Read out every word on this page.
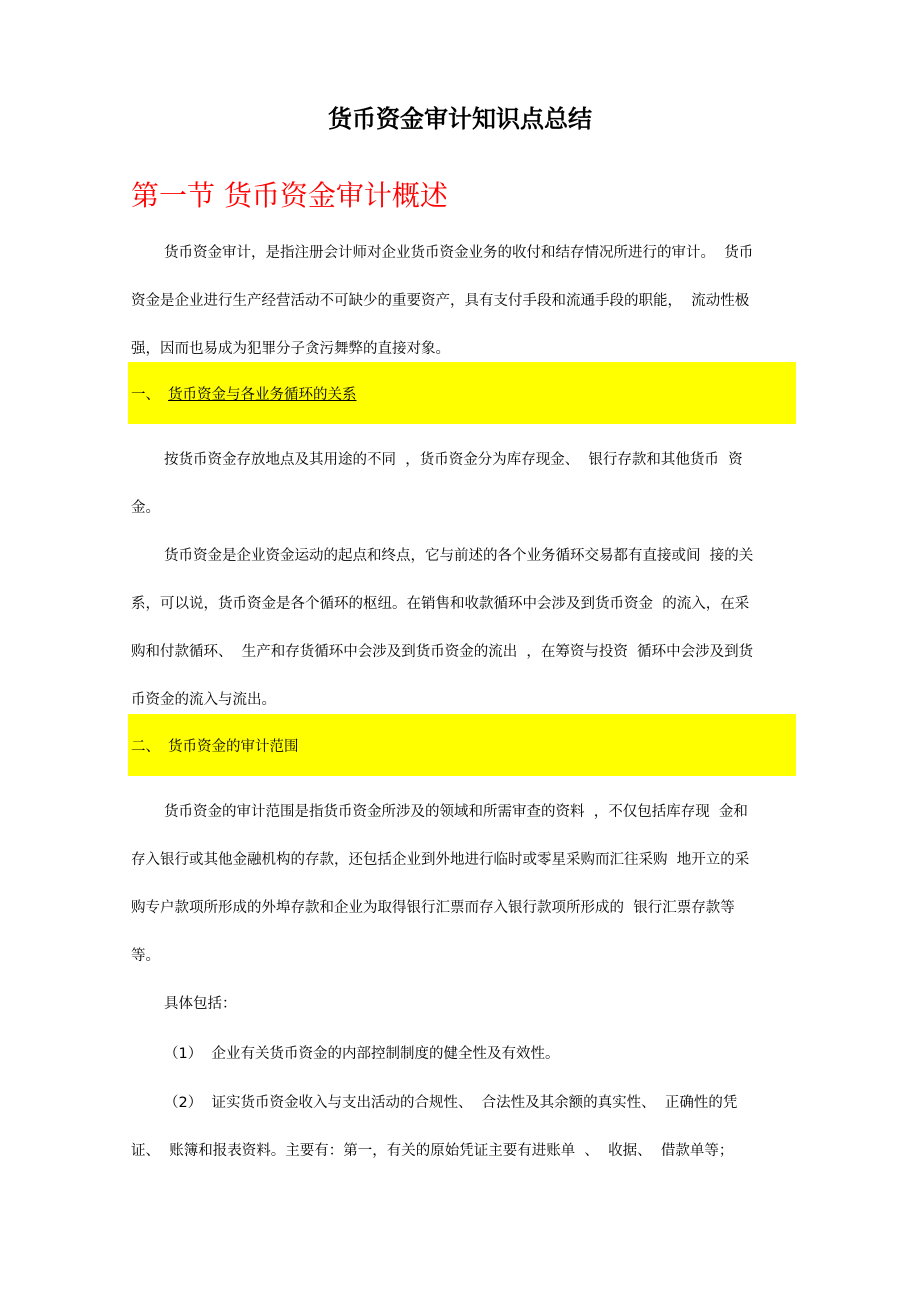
货币资金审计知识点总结
第一节 货币资金审计概述
货币资金审计，是指注册会计师对企业货币资金业务的收付和结存情况所进行的审计。  货币
资金是企业进行生产经营活动不可缺少的重要资产，具有支付手段和流通手段的职能，  流动性极
强，因而也易成为犯罪分子贪污舞弊的直接对象。
一、 货币资金与各业务循环的关系
按货币资金存放地点及其用途的不同  ，货币资金分为库存现金、  银行存款和其他货币  资
金。
货币资金是企业资金运动的起点和终点，它与前述的各个业务循环交易都有直接或间  接的关
系，可以说，货币资金是各个循环的枢纽。在销售和收款循环中会涉及到货币资金  的流入，在采
购和付款循环、  生产和存货循环中会涉及到货币资金的流出  ，在筹资与投资  循环中会涉及到货
币资金的流入与流出。
二、 货币资金的审计范围
货币资金的审计范围是指货币资金所涉及的领域和所需审查的资料  ，不仅包括库存现  金和
存入银行或其他金融机构的存款，还包括企业到外地进行临时或零星采购而汇往采购  地开立的采
购专户款项所形成的外埠存款和企业为取得银行汇票而存入银行款项所形成的  银行汇票存款等
等。
具体包括：
（1）  企业有关货币资金的内部控制制度的健全性及有效性。
（2）  证实货币资金收入与支出活动的合规性、  合法性及其余额的真实性、  正确性的凭
证、  账簿和报表资料。主要有：第一，有关的原始凭证主要有进账单  、  收据、  借款单等；
